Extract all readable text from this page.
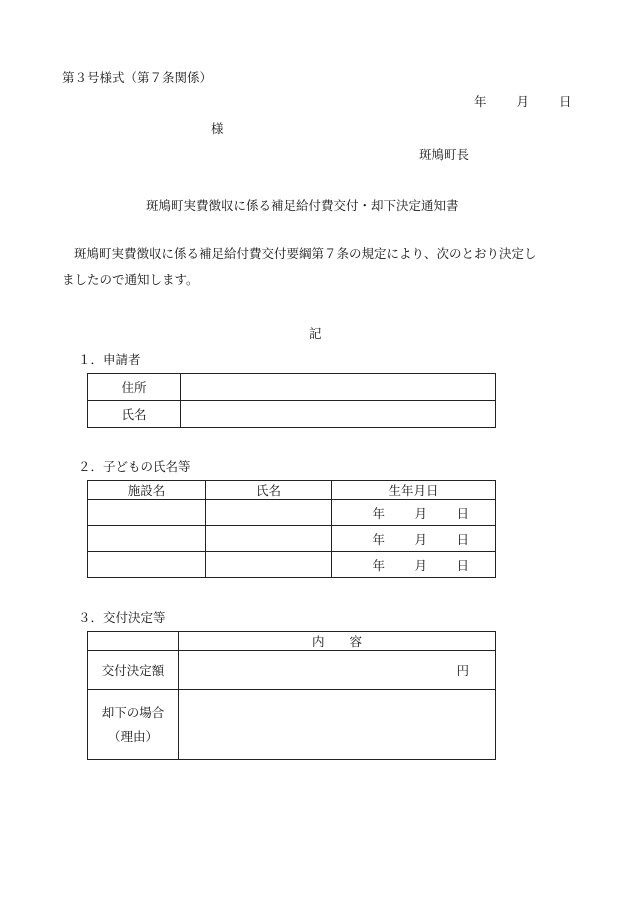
第３号様式（第７条関係）
年 月 日
様
斑鳩町長
斑鳩町実費徴収に係る補足給付費交付・却下決定通知書
斑鳩町実費徴収に係る補足給付費交付要綱第７条の規定により、次のとおり決定し
ましたので通知します。
記
１．申請者
住所	
氏名	
２．子どもの氏名等
施設名	氏名	生年月日

		年 月 日

		年 月 日

		年 月 日
３．交付決定等
	内　　容
交付決定額	円

却下の場合
（理由）	
